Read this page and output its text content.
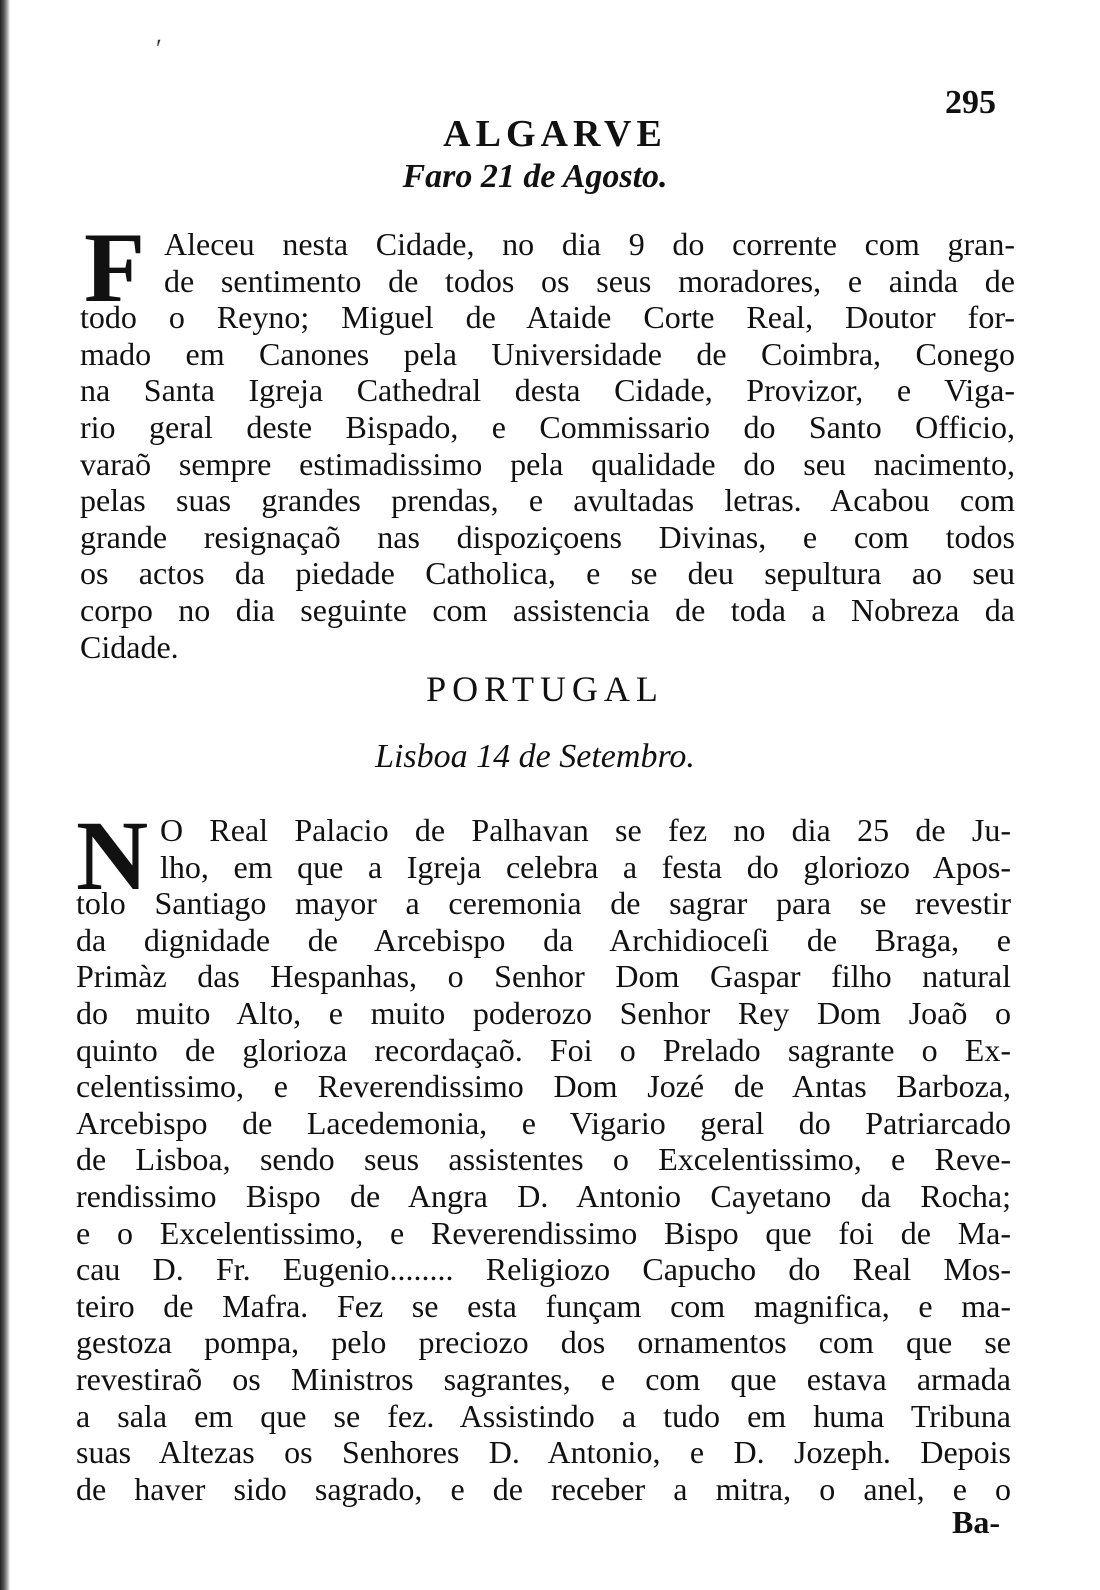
ʹ
295
ALGARVE
Faro 21 de Agosto.
F Aleceu nesta Cidade, no dia 9 do corrente com gran-
de sentimento de todos os seus moradores, e ainda de
todo o Reyno; Miguel de Ataide Corte Real, Doutor for-
mado em Canones pela Universidade de Coimbra, Conego
na Santa Igreja Cathedral desta Cidade, Provizor, e Viga-
rio geral deste Bispado, e Commissario do Santo Officio,
varaõ sempre estimadissimo pela qualidade do seu nacimento,
pelas suas grandes prendas, e avultadas letras. Acabou com
grande resignaçaõ nas dispoziçoens Divinas, e com todos
os actos da piedade Catholica, e se deu sepultura ao seu
corpo no dia seguinte com assistencia de toda a Nobreza da
Cidade.
PORTUGAL
Lisboa 14 de Setembro.
N O Real Palacio de Palhavan se fez no dia 25 de Ju-
lho, em que a Igreja celebra a festa do gloriozo Apos-
tolo Santiago mayor a ceremonia de sagrar para se revestir
da dignidade de Arcebispo da Archidioceſi de Braga, e
Primàz das Hespanhas, o Senhor Dom Gaspar filho natural
do muito Alto, e muito poderozo Senhor Rey Dom Joaõ o
quinto de glorioza recordaçaõ. Foi o Prelado sagrante o Ex-
celentissimo, e Reverendissimo Dom Jozé de Antas Barboza,
Arcebispo de Lacedemonia, e Vigario geral do Patriarcado
de Lisboa, sendo seus assistentes o Excelentissimo, e Reve-
rendissimo Bispo de Angra D. Antonio Cayetano da Rocha;
e o Excelentissimo, e Reverendissimo Bispo que foi de Ma-
cau D. Fr. Eugenio........ Religiozo Capucho do Real Mos-
teiro de Mafra. Fez se esta funçam com magnifica, e ma-
gestoza pompa, pelo preciozo dos ornamentos com que se
revestiraõ os Ministros sagrantes, e com que estava armada
a sala em que se fez. Assistindo a tudo em huma Tribuna
suas Altezas os Senhores D. Antonio, e D. Jozeph. Depois
de haver sido sagrado, e de receber a mitra, o anel, e o
Ba-
